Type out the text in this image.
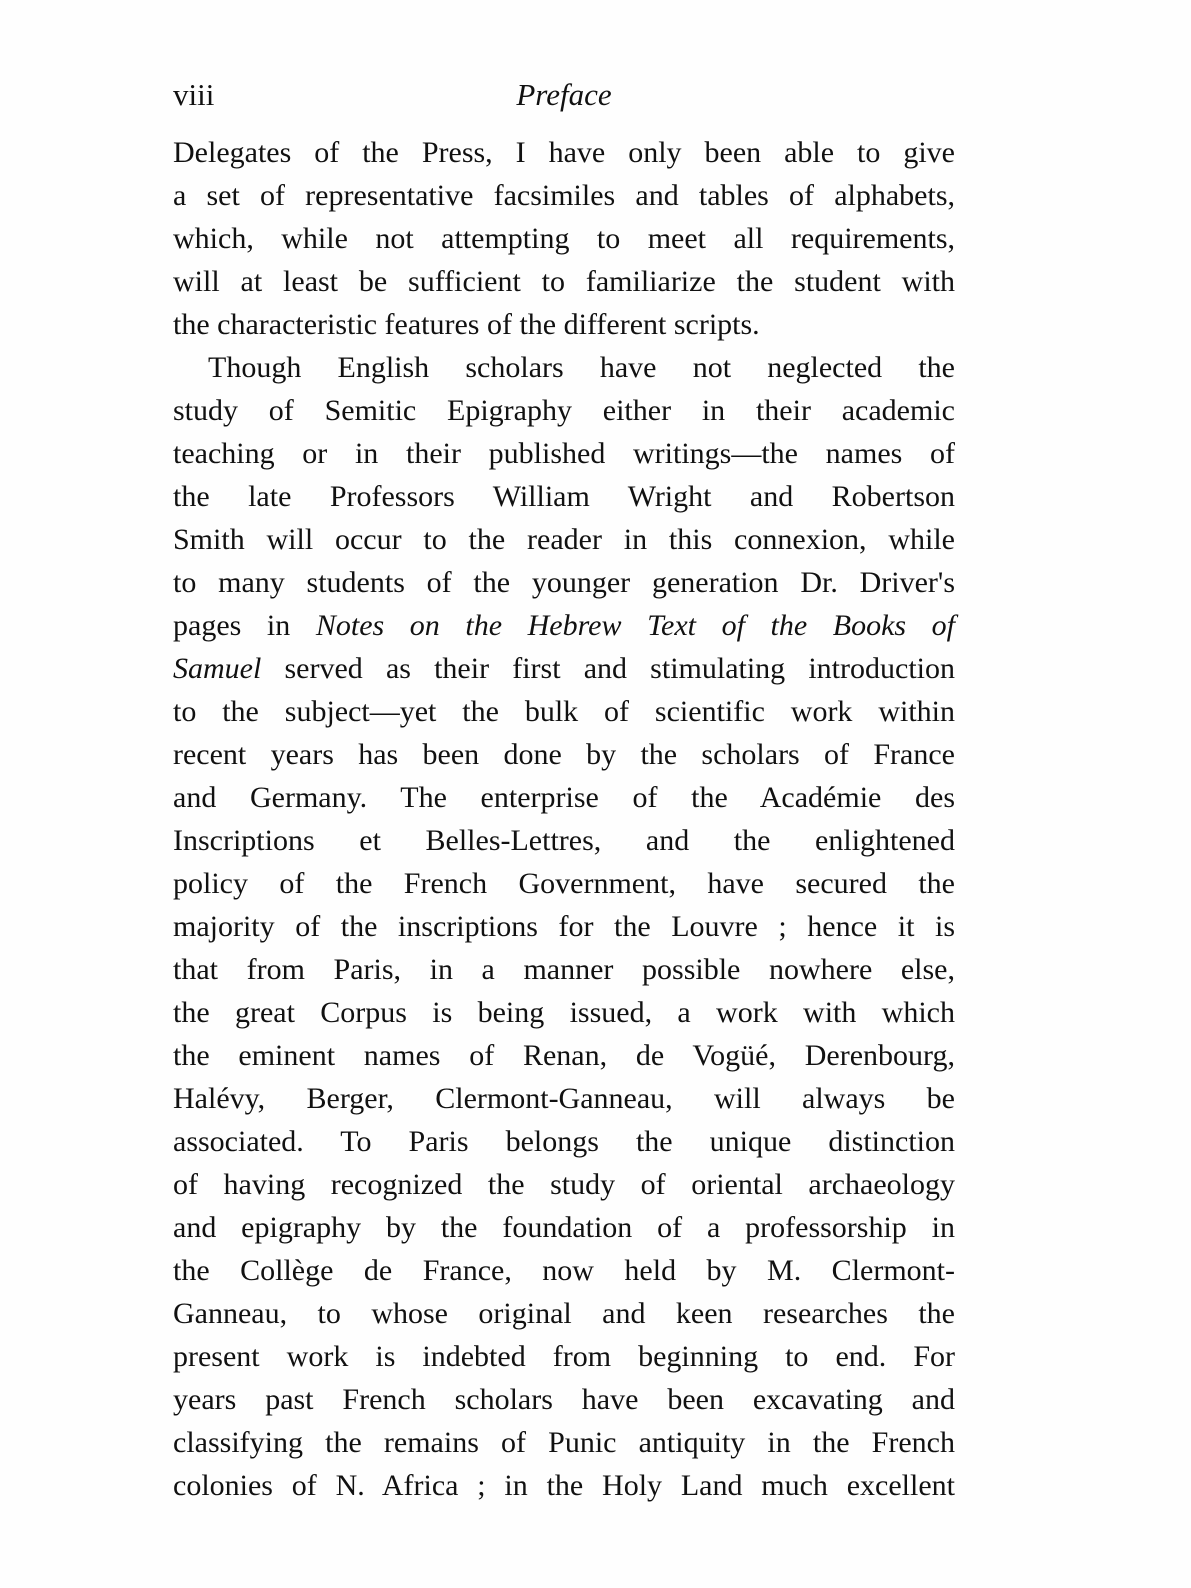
viii	Preface
Delegates of the Press, I have only been able to give
a set of representative facsimiles and tables of alphabets,
which, while not attempting to meet all requirements,
will at least be sufficient to familiarize the student with
the characteristic features of the different scripts.
Though English scholars have not neglected the
study of Semitic Epigraphy either in their academic
teaching or in their published writings—the names of
the late Professors William Wright and Robertson
Smith will occur to the reader in this connexion, while
to many students of the younger generation Dr. Driver's
pages in Notes on the Hebrew Text of the Books of
Samuel served as their first and stimulating introduction
to the subject—yet the bulk of scientific work within
recent years has been done by the scholars of France
and Germany. The enterprise of the Académie des
Inscriptions et Belles-Lettres, and the enlightened
policy of the French Government, have secured the
majority of the inscriptions for the Louvre ; hence it is
that from Paris, in a manner possible nowhere else,
the great Corpus is being issued, a work with which
the eminent names of Renan, de Vogüé, Derenbourg,
Halévy, Berger, Clermont-Ganneau, will always be
associated. To Paris belongs the unique distinction
of having recognized the study of oriental archaeology
and epigraphy by the foundation of a professorship in
the Collège de France, now held by M. Clermont-
Ganneau, to whose original and keen researches the
present work is indebted from beginning to end. For
years past French scholars have been excavating and
classifying the remains of Punic antiquity in the French
colonies of N. Africa ; in the Holy Land much excellent
